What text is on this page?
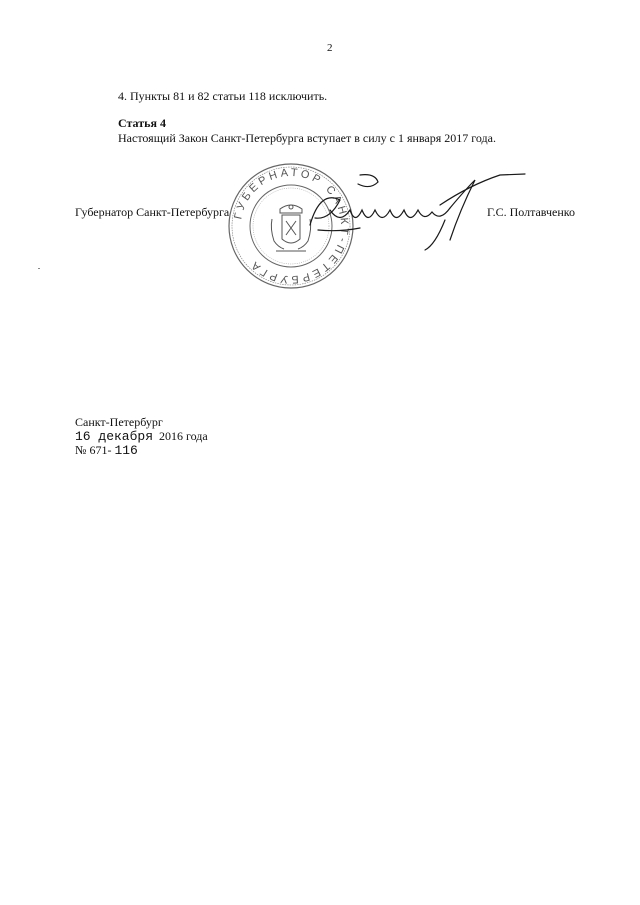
2
4. Пункты 81 и 82 статьи 118 исключить.
Статья 4
Настоящий Закон Санкт-Петербурга вступает в силу с 1 января 2017 года.
Губернатор Санкт-Петербурга	Г.С. Полтавченко
ГУБЕРНАТОР САНКТ-ПЕТЕРБУРГА
Санкт-Петербург
16 декабря 2016 года
№ 671- 116
